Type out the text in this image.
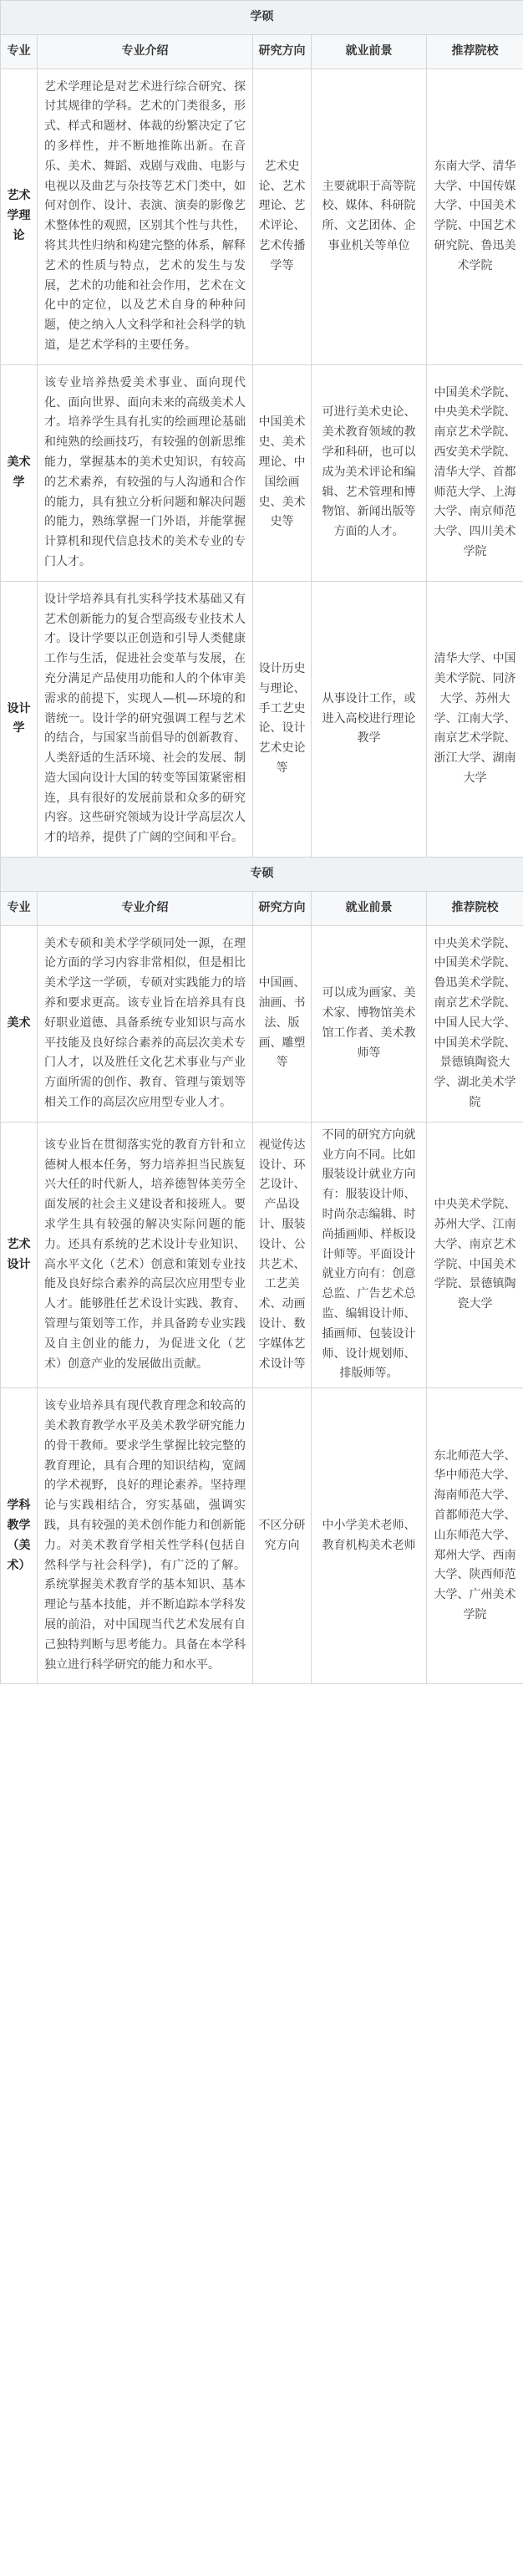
学硕				
专业	专业介绍	研究方向	就业前景	推荐院校
艺术学理论	艺术学理论是对艺术进行综合研究、探讨其规律的学科。艺术的门类很多，形式、样式和题材、体裁的纷繁决定了它的多样性，并不断地推陈出新。在音乐、美术、舞蹈、戏剧与戏曲、电影与电视以及曲艺与杂技等艺术门类中，如何对创作、设计、表演、演奏的影像艺术整体性的观照，区别其个性与共性，将其共性归纳和构建完整的体系，解释艺术的性质与特点，艺术的发生与发展，艺术的功能和社会作用，艺术在文化中的定位，以及艺术自身的种种问题，使之纳入人文科学和社会科学的轨道，是艺术学科的主要任务。	艺术史论、艺术理论、艺术评论、艺术传播学等	主要就职于高等院校、媒体、科研院所、文艺团体、企事业机关等单位	东南大学、清华大学、中国传媒大学、中国美术学院、中国艺术研究院、鲁迅美术学院
美术学	该专业培养热爱美术事业、面向现代化、面向世界、面向未来的高级美术人才。培养学生具有扎实的绘画理论基础和纯熟的绘画技巧，有较强的创新思维能力，掌握基本的美术史知识，有较高的艺术素养，有较强的与人沟通和合作的能力，具有独立分析问题和解决问题的能力，熟练掌握一门外语，并能掌握计算机和现代信息技术的美术专业的专门人才。	中国美术史、美术理论、中国绘画史、美术史等	可进行美术史论、美术教育领域的教学和科研，也可以成为美术评论和编辑、艺术管理和博物馆、新闻出版等方面的人才。	中国美术学院、中央美术学院、南京艺术学院、西安美术学院、清华大学、首都师范大学、上海大学、南京师范大学、四川美术学院
设计学	设计学培养具有扎实科学技术基础又有艺术创新能力的复合型高级专业技术人才。设计学要以正创造和引导人类健康工作与生活，促进社会变革与发展，在充分满足产品使用功能和人的个体审美需求的前提下，实现人—机—环境的和谐统一。设计学的研究强调工程与艺术的结合，与国家当前倡导的创新教育、人类舒适的生活环境、社会的发展、制造大国向设计大国的转变等国策紧密相连，具有很好的发展前景和众多的研究内容。这些研究领域为设计学高层次人才的培养，提供了广阔的空间和平台。	设计历史与理论、手工艺史论、设计艺术史论等	从事设计工作，或进入高校进行理论教学	清华大学、中国美术学院、同济大学、苏州大学、江南大学、南京艺术学院、浙江大学、湖南大学
专硕				
专业	专业介绍	研究方向	就业前景	推荐院校
美术	美术专硕和美术学学硕同处一源，在理论方面的学习内容非常相似，但是相比美术学这一学硕，专硕对实践能力的培养和要求更高。该专业旨在培养具有良好职业道德、具备系统专业知识与高水平技能及良好综合素养的高层次美术专门人才，以及胜任文化艺术事业与产业方面所需的创作、教育、管理与策划等相关工作的高层次应用型专业人才。	中国画、油画、书法、版画、雕塑等	可以成为画家、美术家、博物馆美术馆工作者、美术教师等	中央美术学院、中国美术学院、鲁迅美术学院、南京艺术学院、中国人民大学、中国美术学院、景德镇陶瓷大学、湖北美术学院
艺术设计	该专业旨在贯彻落实党的教育方针和立德树人根本任务，努力培养担当民族复兴大任的时代新人，培养德智体美劳全面发展的社会主义建设者和接班人。要求学生具有较强的解决实际问题的能力。还具有系统的艺术设计专业知识、高水平文化（艺术）创意和策划专业技能及良好综合素养的高层次应用型专业人才。能够胜任艺术设计实践、教育、管理与策划等工作，并具备跨专业实践及自主创业的能力，为促进文化（艺术）创意产业的发展做出贡献。	视觉传达设计、环艺设计、产品设计、服装设计、公共艺术、工艺美术、动画设计、数字媒体艺术设计等	不同的研究方向就业方向不同。比如服装设计就业方向有：服装设计师、时尚杂志编辑、时尚插画师、样板设计师等。平面设计就业方向有：创意总监、广告艺术总监、编辑设计师、插画师、包装设计师、设计规划师、排版师等。	中央美术学院、苏州大学、江南大学、南京艺术学院、中国美术学院、景德镇陶瓷大学
学科教学（美术）	该专业培养具有现代教育理念和较高的美术教育教学水平及美术教学研究能力的骨干教师。要求学生掌握比较完整的教育理论，具有合理的知识结构，宽阔的学术视野，良好的理论素养。坚持理论与实践相结合，穷实基础，强调实践，具有较强的美术创作能力和创新能力。对美术教育学相关性学科(包括自然科学与社会科学)，有广泛的了解。系统掌握美术教育学的基本知识、基本理论与基本技能，并不断追踪本学科发展的前沿，对中国现当代艺术发展有自己独特判断与思考能力。具备在本学科独立进行科学研究的能力和水平。	不区分研究方向	中小学美术老师、教育机构美术老师	东北师范大学、华中师范大学、海南师范大学、首都师范大学、山东师范大学、郑州大学、西南大学、陕西师范大学、广州美术学院
